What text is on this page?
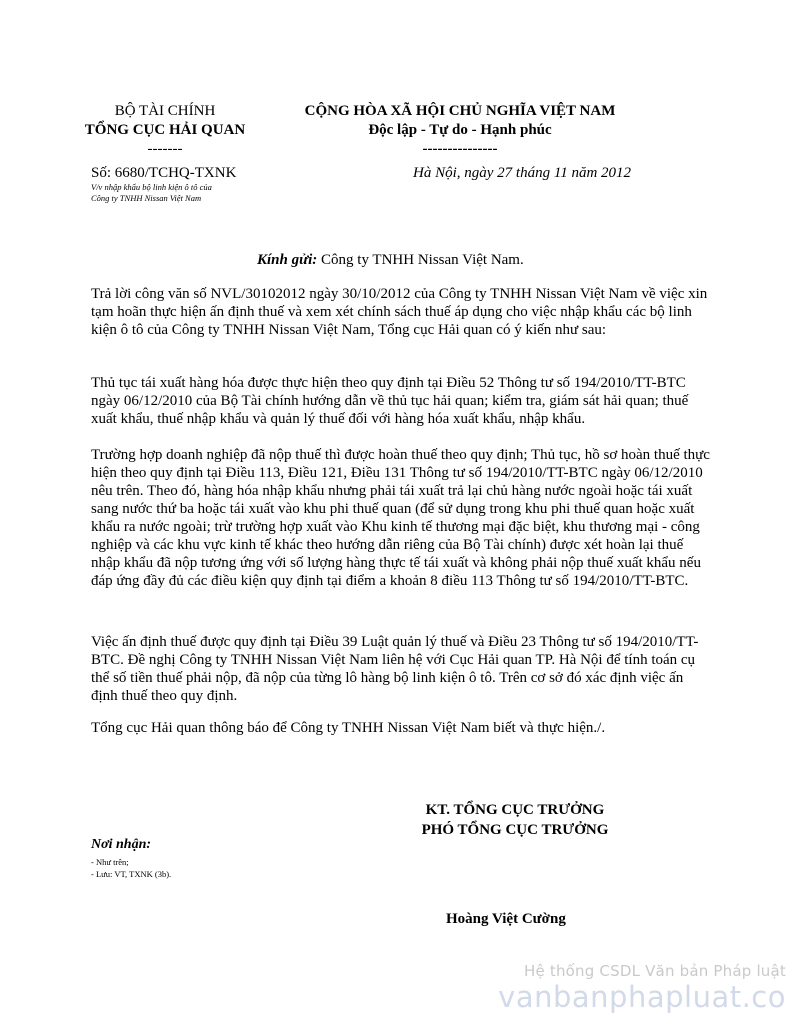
BỘ TÀI CHÍNH
TỔNG CỤC HẢI QUAN
-------
CỘNG HÒA XÃ HỘI CHỦ NGHĨA VIỆT NAM
Độc lập - Tự do - Hạnh phúc
---------------
Số: 6680/TCHQ-TXNK
V/v nhập khẩu bộ linh kiện ô tô của
Công ty TNHH Nissan Việt Nam
Hà Nội, ngày 27 tháng 11 năm 2012
Kính gửi: Công ty TNHH Nissan Việt Nam.
Trả lời công văn số NVL/30102012 ngày 30/10/2012 của Công ty TNHH Nissan Việt Nam về việc xin tạm hoãn thực hiện ấn định thuế và xem xét chính sách thuế áp dụng cho việc nhập khẩu các bộ linh kiện ô tô của Công ty TNHH Nissan Việt Nam, Tổng cục Hải quan có ý kiến như sau:
Thủ tục tái xuất hàng hóa được thực hiện theo quy định tại Điều 52 Thông tư số 194/2010/TT-BTC ngày 06/12/2010 của Bộ Tài chính hướng dẫn về thủ tục hải quan; kiểm tra, giám sát hải quan; thuế xuất khẩu, thuế nhập khẩu và quản lý thuế đối với hàng hóa xuất khẩu, nhập khẩu.
Trường hợp doanh nghiệp đã nộp thuế thì được hoàn thuế theo quy định; Thủ tục, hồ sơ hoàn thuế thực hiện theo quy định tại Điều 113, Điều 121, Điều 131 Thông tư số 194/2010/TT-BTC ngày 06/12/2010 nêu trên. Theo đó, hàng hóa nhập khẩu nhưng phải tái xuất trả lại chủ hàng nước ngoài hoặc tái xuất sang nước thứ ba hoặc tái xuất vào khu phi thuế quan (để sử dụng trong khu phi thuế quan hoặc xuất khẩu ra nước ngoài; trừ trường hợp xuất vào Khu kinh tế thương mại đặc biệt, khu thương mại - công nghiệp và các khu vực kinh tế khác theo hướng dẫn riêng của Bộ Tài chính) được xét hoàn lại thuế nhập khẩu đã nộp tương ứng với số lượng hàng thực tế tái xuất và không phải nộp thuế xuất khẩu nếu đáp ứng đầy đủ các điều kiện quy định tại điểm a khoản 8 điều 113 Thông tư số 194/2010/TT-BTC.
Việc ấn định thuế được quy định tại Điều 39 Luật quản lý thuế và Điều 23 Thông tư số 194/2010/TT-BTC. Đề nghị Công ty TNHH Nissan Việt Nam liên hệ với Cục Hải quan TP. Hà Nội để tính toán cụ thể số tiền thuế phải nộp, đã nộp của từng lô hàng bộ linh kiện ô tô. Trên cơ sở đó xác định việc ấn định thuế theo quy định.
Tổng cục Hải quan thông báo để Công ty TNHH Nissan Việt Nam biết và thực hiện./.
KT. TỔNG CỤC TRƯỞNG
PHÓ TỔNG CỤC TRƯỞNG
Nơi nhận:
- Như trên;
- Lưu: VT, TXNK (3b).
Hoàng Việt Cường
Hệ thống CSDL Văn bản Pháp luật
vanbanphapluat.co
